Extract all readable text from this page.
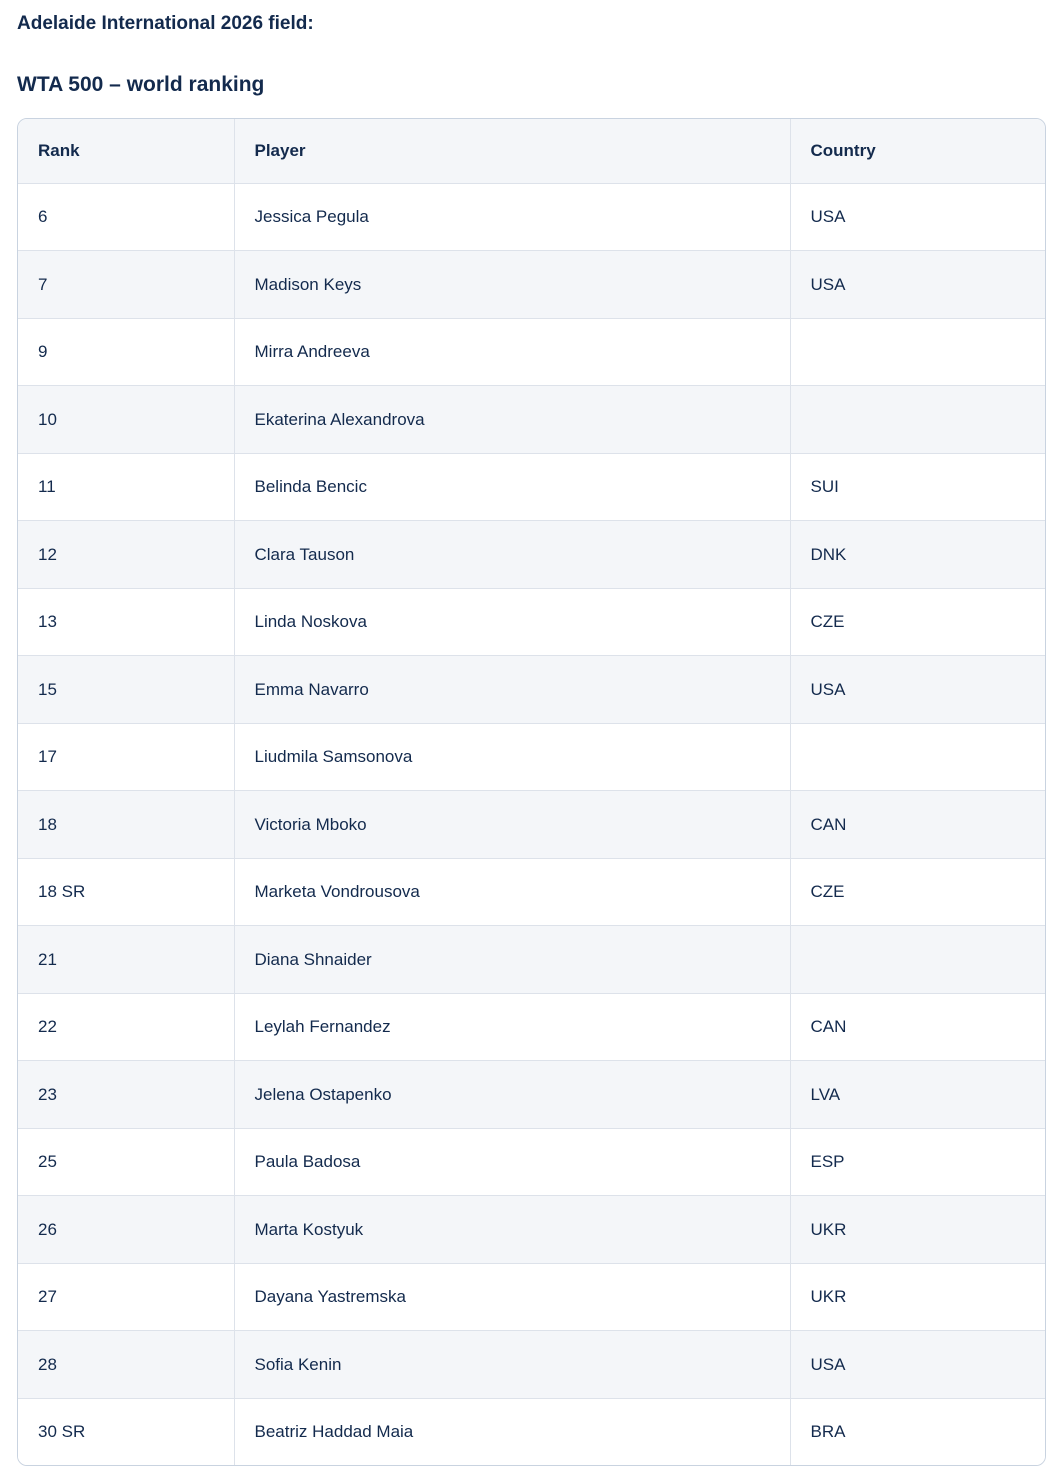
Adelaide International 2026 field:
WTA 500 – world ranking
Rank	Player	Country
6	Jessica Pegula	USA
7	Madison Keys	USA
9	Mirra Andreeva	
10	Ekaterina Alexandrova	
11	Belinda Bencic	SUI
12	Clara Tauson	DNK
13	Linda Noskova	CZE
15	Emma Navarro	USA
17	Liudmila Samsonova	
18	Victoria Mboko	CAN
18 SR	Marketa Vondrousova	CZE
21	Diana Shnaider	
22	Leylah Fernandez	CAN
23	Jelena Ostapenko	LVA
25	Paula Badosa	ESP
26	Marta Kostyuk	UKR
27	Dayana Yastremska	UKR
28	Sofia Kenin	USA
30 SR	Beatriz Haddad Maia	BRA
